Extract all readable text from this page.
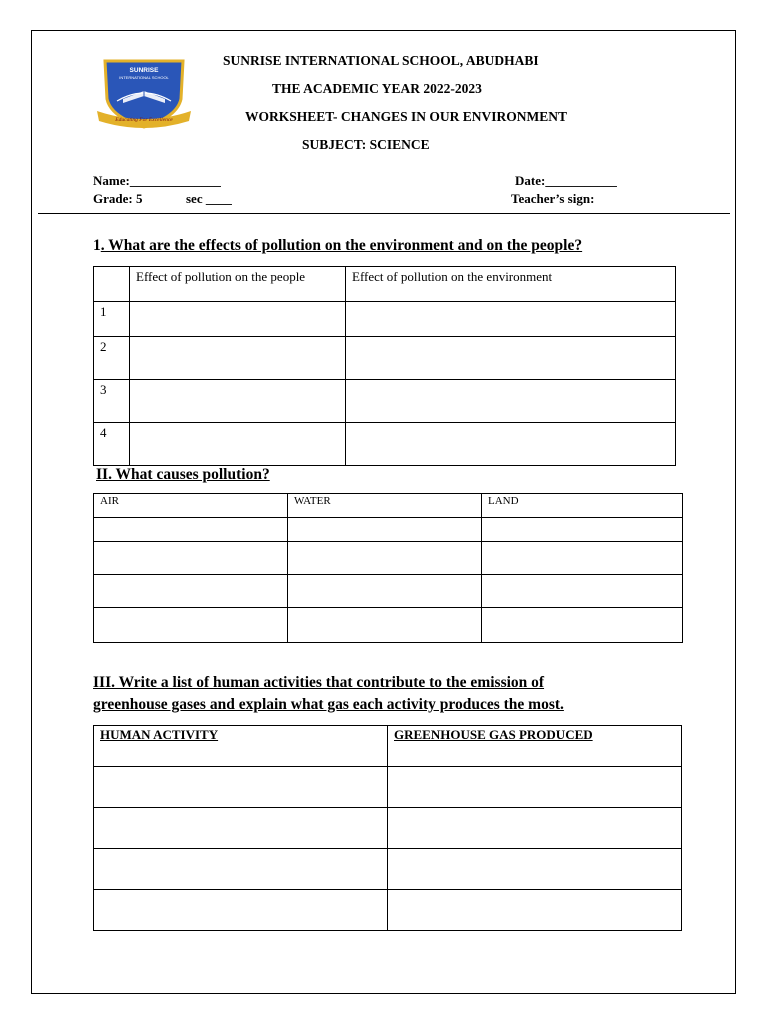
SUNRISE
INTERNATIONAL SCHOOL
Educating For Excellence
SUNRISE INTERNATIONAL SCHOOL, ABUDHABI
THE ACADEMIC YEAR 2022-2023
WORKSHEET- CHANGES IN OUR ENVIRONMENT
SUBJECT: SCIENCE
Name:______________	Date:___________
Grade: 5	sec ____	Teacher’s sign:
1. What are the effects of pollution on the environment and on the people?
	Effect of pollution on the people	Effect of pollution on the environment
1		
2		
3		
4		
II. What causes pollution?
AIR	WATER	LAND

III. Write a list of human activities that contribute to the emission of
greenhouse gases and explain what gas each activity produces the most.
HUMAN ACTIVITY	GREENHOUSE GAS PRODUCED
